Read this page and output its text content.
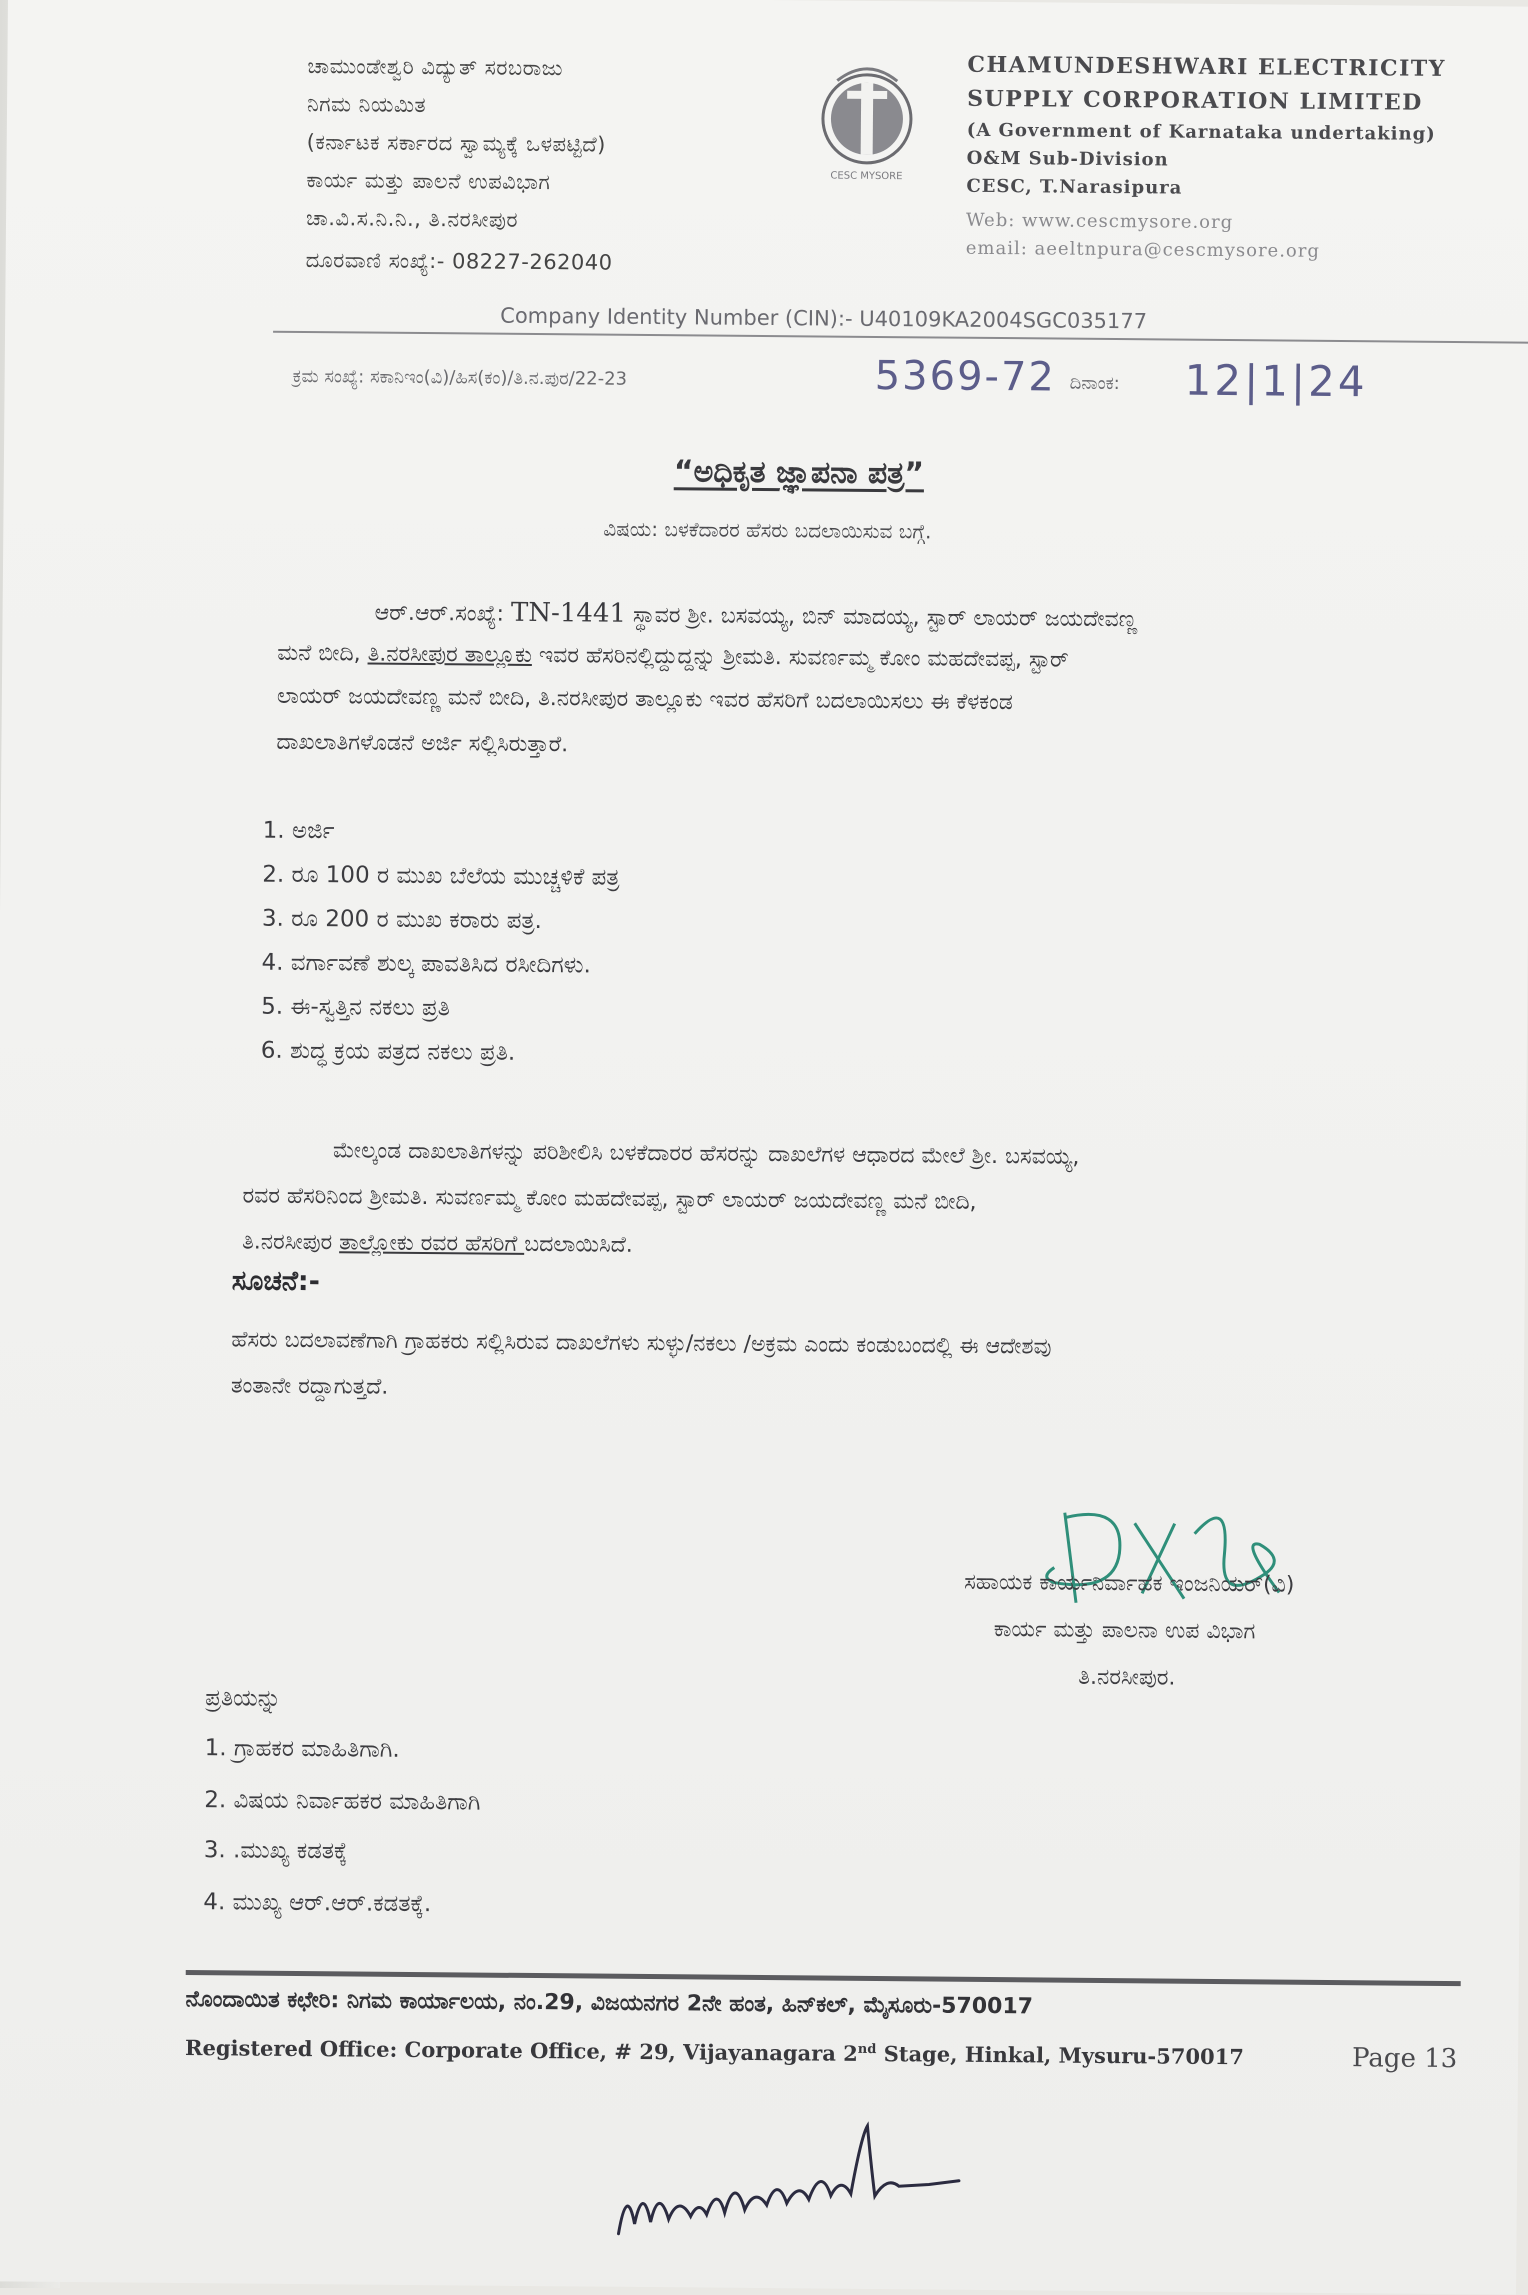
ಚಾಮುಂಡೇಶ್ವರಿ ವಿದ್ಯುತ್ ಸರಬರಾಜು
ನಿಗಮ ನಿಯಮಿತ
(ಕರ್ನಾಟಕ ಸರ್ಕಾರದ ಸ್ವಾಮ್ಯಕ್ಕೆ ಒಳಪಟ್ಟಿದೆ)
ಕಾರ್ಯ ಮತ್ತು ಪಾಲನೆ ಉಪವಿಭಾಗ
ಚಾ.ವಿ.ಸ.ನಿ.ನಿ., ತಿ.ನರಸೀಪುರ
ದೂರವಾಣಿ ಸಂಖ್ಯೆ:- 08227-262040
CESC MYSORE
CHAMUNDESHWARI ELECTRICITY
SUPPLY CORPORATION LIMITED
(A Government of Karnataka undertaking)
O&M Sub-Division
CESC, T.Narasipura
Web: www.cescmysore.org
email: aeeltnpura@cescmysore.org
Company Identity Number (CIN):- U40109KA2004SGC035177
ಕ್ರಮ ಸಂಖ್ಯೆ: ಸಕಾನಿಇಂ(ವಿ)/ಹಿಸ(ಕಂ)/ತಿ.ನ.ಪುರ/22-23	5369-72 ದಿನಾಂಕ: 12|1|24
“ಅಧಿಕೃತ ಜ್ಞಾಪನಾ ಪತ್ರ”
ವಿಷಯ: ಬಳಕೆದಾರರ ಹೆಸರು ಬದಲಾಯಿಸುವ ಬಗ್ಗೆ.
ಆರ್.ಆರ್.ಸಂಖ್ಯೆ: TN-1441 ಸ್ಥಾವರ ಶ್ರೀ. ಬಸವಯ್ಯ, ಬಿನ್ ಮಾದಯ್ಯ, ಸ್ಟಾರ್ ಲಾಯರ್ ಜಯದೇವಣ್ಣ
ಮನೆ ಬೀದಿ, ತಿ.ನರಸೀಪುರ ತಾಲ್ಲೂಕು ಇವರ ಹೆಸರಿನಲ್ಲಿದ್ದುದ್ದನ್ನು ಶ್ರೀಮತಿ. ಸುವರ್ಣಮ್ಮ ಕೋಂ ಮಹದೇವಪ್ಪ, ಸ್ಟಾರ್
ಲಾಯರ್ ಜಯದೇವಣ್ಣ ಮನೆ ಬೀದಿ, ತಿ.ನರಸೀಪುರ ತಾಲ್ಲೂಕು ಇವರ ಹೆಸರಿಗೆ ಬದಲಾಯಿಸಲು ಈ ಕೆಳಕಂಡ
ದಾಖಲಾತಿಗಳೊಡನೆ ಅರ್ಜಿ ಸಲ್ಲಿಸಿರುತ್ತಾರೆ.
1. ಅರ್ಜಿ
2. ರೂ 100 ರ ಮುಖ ಬೆಲೆಯ ಮುಚ್ಚಳಿಕೆ ಪತ್ರ
3. ರೂ 200 ರ ಮುಖ ಕರಾರು ಪತ್ರ.
4. ವರ್ಗಾವಣೆ ಶುಲ್ಕ ಪಾವತಿಸಿದ ರಸೀದಿಗಳು.
5. ಈ-ಸ್ವತ್ತಿನ ನಕಲು ಪ್ರತಿ
6. ಶುದ್ಧ ಕ್ರಯ ಪತ್ರದ ನಕಲು ಪ್ರತಿ.
ಮೇಲ್ಕಂಡ ದಾಖಲಾತಿಗಳನ್ನು ಪರಿಶೀಲಿಸಿ ಬಳಕೆದಾರರ ಹೆಸರನ್ನು ದಾಖಲೆಗಳ ಆಧಾರದ ಮೇಲೆ ಶ್ರೀ. ಬಸವಯ್ಯ,
ರವರ ಹೆಸರಿನಿಂದ ಶ್ರೀಮತಿ. ಸುವರ್ಣಮ್ಮ ಕೋಂ ಮಹದೇವಪ್ಪ, ಸ್ಟಾರ್ ಲಾಯರ್ ಜಯದೇವಣ್ಣ ಮನೆ ಬೀದಿ,
ತಿ.ನರಸೀಪುರ ತಾಲ್ಲೋಕು ರವರ ಹೆಸರಿಗೆ ಬದಲಾಯಿಸಿದೆ.
ಸೂಚನೆ:-
ಹೆಸರು ಬದಲಾವಣೆಗಾಗಿ ಗ್ರಾಹಕರು ಸಲ್ಲಿಸಿರುವ ದಾಖಲೆಗಳು ಸುಳ್ಳು/ನಕಲು /ಅಕ್ರಮ ಎಂದು ಕಂಡುಬಂದಲ್ಲಿ ಈ ಆದೇಶವು
ತಂತಾನೇ ರದ್ದಾಗುತ್ತದೆ.
ಸಹಾಯಕ ಕಾರ್ಯನಿರ್ವಾಹಕ ಇಂಜನಿಯರ್(ವಿ)
ಕಾರ್ಯ ಮತ್ತು ಪಾಲನಾ ಉಪ ವಿಭಾಗ
ತಿ.ನರಸೀಪುರ.
ಪ್ರತಿಯನ್ನು
1. ಗ್ರಾಹಕರ ಮಾಹಿತಿಗಾಗಿ.
2. ವಿಷಯ ನಿರ್ವಾಹಕರ ಮಾಹಿತಿಗಾಗಿ
3. .ಮುಖ್ಯ ಕಡತಕ್ಕೆ
4. ಮುಖ್ಯ ಆರ್.ಆರ್.ಕಡತಕ್ಕೆ.
ನೊಂದಾಯಿತ ಕಛೇರಿ: ನಿಗಮ ಕಾರ್ಯಾಲಯ, ನಂ.29, ವಿಜಯನಗರ 2ನೇ ಹಂತ, ಹಿನ್‌ಕಲ್, ಮೈಸೂರು-570017
Registered Office: Corporate Office, # 29, Vijayanagara 2nd Stage, Hinkal, Mysuru-570017	Page 13
